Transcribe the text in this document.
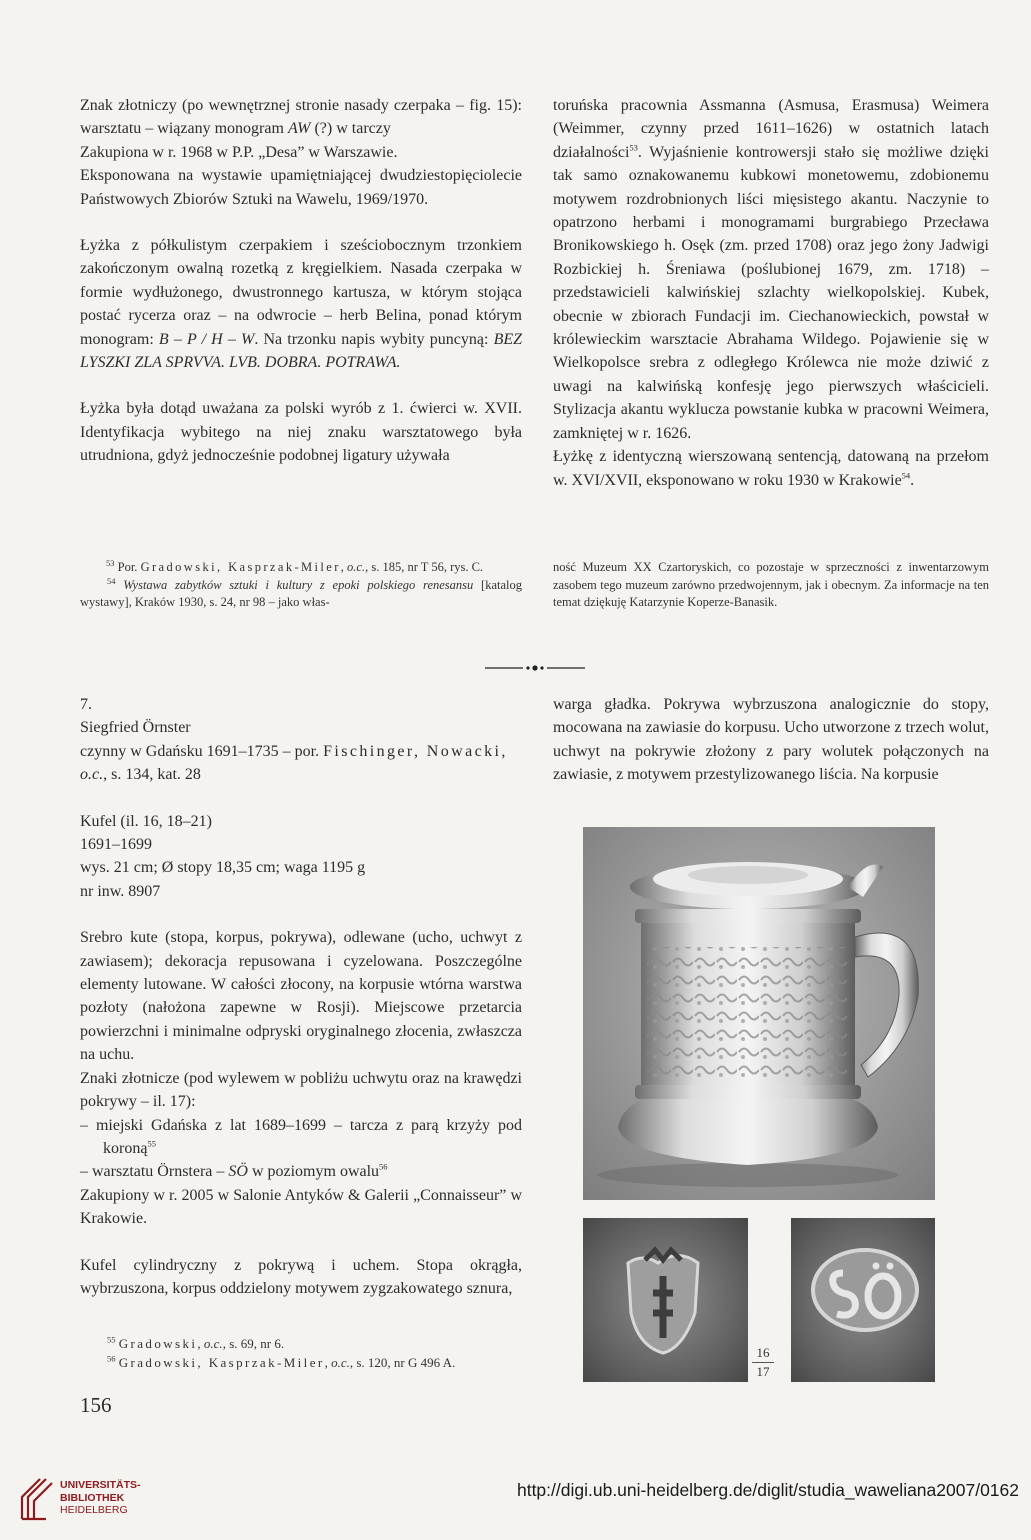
Znak złotniczy (po wewnętrznej stronie nasady czerpaka – fig. 15): warsztatu – wiązany monogram AW (?) w tarczy

Zakupiona w r. 1968 w P.P. „Desa” w Warszawie.

Eksponowana na wystawie upamiętniającej dwudziestopięciolecie Państwowych Zbiorów Sztuki na Wawelu, 1969/1970.

Łyżka z półkulistym czerpakiem i sześciobocznym trzonkiem zakończonym owalną rozetką z kręgielkiem. Nasada czerpaka w formie wydłużonego, dwustronnego kartusza, w którym stojąca postać rycerza oraz – na odwrocie – herb Belina, ponad którym monogram: B – P / H – W. Na trzonku napis wybity puncyną: BEZ LYSZKI ZLA SPRVVA. LVB. DOBRA. POTRAWA.

Łyżka była dotąd uważana za polski wyrób z 1. ćwierci w. XVII. Identyfikacja wybitego na niej znaku warsztatowego była utrudniona, gdyż jednocześnie podobnej ligatury używała

toruńska pracownia Assmanna (Asmusa, Erasmusa) Weimera (Weimmer, czynny przed 1611–1626) w ostatnich latach działalności$^{53}$. Wyjaśnienie kontrowersji stało się możliwe dzięki tak samo oznakowanemu kubkowi monetowemu, zdobionemu motywem rozdrobnionych liści mięsistego akantu. Naczynie to opatrzono herbami i monogramami burgrabiego Przecława Bronikowskiego h. Osęk (zm. przed 1708) oraz jego żony Jadwigi Rozbickiej h. Śreniawa (poślubionej 1679, zm. 1718) – przedstawicieli kalwińskiej szlachty wielkopolskiej. Kubek, obecnie w zbiorach Fundacji im. Ciechanowieckich, powstał w królewieckim warsztacie Abrahama Wildego. Pojawienie się w Wielkopolsce srebra z odległego Królewca nie może dziwić z uwagi na kalwińską konfesję jego pierwszych właścicieli. Stylizacja akantu wyklucza powstanie kubka w pracowni Weimera, zamkniętej w r. 1626.

Łyżkę z identyczną wierszowaną sentencją, datowaną na przełom w. XVI/XVII, eksponowano w roku 1930 w Krakowie$^{54}$.

$^{53}$ Por. Gradowski, Kasprzak-Miler, o.c., s. 185, nr T 56, rys. C.

$^{54}$ Wystawa zabytków sztuki i kultury z epoki polskiego renesansu [katalog wystawy], Kraków 1930, s. 24, nr 98 – jako włas-

ność Muzeum XX Czartoryskich, co pozostaje w sprzeczności z inwentarzowym zasobem tego muzeum zarówno przedwojennym, jak i obecnym. Za informacje na ten temat dziękuję Katarzynie Koperze-Banasik.

7.

Siegfried Örnster

czynny w Gdańsku 1691–1735 – por. Fischinger, Nowacki, o.c., s. 134, kat. 28

Kufel (il. 16, 18–21)

1691–1699

wys. 21 cm; Ø stopy 18,35 cm; waga 1195 g

nr inw. 8907

Srebro kute (stopa, korpus, pokrywa), odlewane (ucho, uchwyt z zawiasem); dekoracja repusowana i cyzelowana. Poszczególne elementy lutowane. W całości złocony, na korpusie wtórna warstwa pozłoty (nałożona zapewne w Rosji). Miejscowe przetarcia powierzchni i minimalne odpryski oryginalnego złocenia, zwłaszcza na uchu.

Znaki złotnicze (pod wylewem w pobliżu uchwytu oraz na krawędzi pokrywy – il. 17):

– miejski Gdańska z lat 1689–1699 – tarcza z parą krzyży pod koroną$^{55}$

– warsztatu Örnstera – SÖ w poziomym owalu$^{56}$

Zakupiony w r. 2005 w Salonie Antyków & Galerii „Connaisseur” w Krakowie.

Kufel cylindryczny z pokrywą i uchem. Stopa okrągła, wybrzuszona, korpus oddzielony motywem zygzakowatego sznura,

warga gładka. Pokrywa wybrzuszona analogicznie do stopy, mocowana na zawiasie do korpusu. Ucho utworzone z trzech wolut, uchwyt na pokrywie złożony z pary wolutek połączonych na zawiasie, z motywem przestylizowanego liścia. Na korpusie

16
17

$^{55}$ Gradowski, o.c., s. 69, nr 6.

$^{56}$ Gradowski, Kasprzak-Miler, o.c., s. 120, nr G 496 A.

156
UNIVERSITÄTS-
BIBLIOTHEK
HEIDELBERG
http://digi.ub.uni-heidelberg.de/diglit/studia_waweliana2007/0162
